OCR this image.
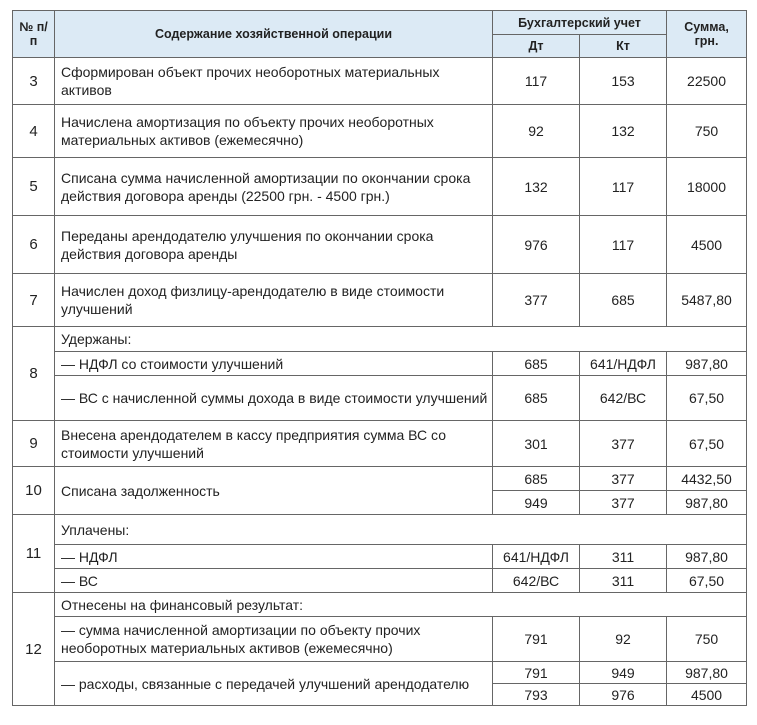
№ п/п	Содержание хозяйственной операции	Бухгалтерский учет		Сумма, грн.
		Дт	Кт	
3	Сформирован объект прочих необоротных материальных активов	117	153	22500
4	Начислена амортизация по объекту прочих необоротных материальных активов (ежемесячно)	92	132	750
5	Списана сумма начисленной амортизации по окончании срока действия договора аренды (22500 грн. - 4500 грн.)	132	117	18000
6	Переданы арендодателю улучшения по окончании срока действия договора аренды	976	117	4500
7	Начислен доход физлицу-арендодателю в виде стоимости улучшений	377	685	5487,80
8	Удержаны:			
	— НДФЛ со стоимости улучшений	685	641/НДФЛ	987,80
	— ВС с начисленной суммы дохода в виде стоимости улучшений	685	642/ВС	67,50
9	Внесена арендодателем в кассу предприятия сумма ВС со стоимости улучшений	301	377	67,50
10	Списана задолженность	685	377	4432,50
		949	377	987,80
11	Уплачены:			
	— НДФЛ	641/НДФЛ	311	987,80
	— ВС	642/ВС	311	67,50
12	Отнесены на финансовый результат:			
	— сумма начисленной амортизации по объекту прочих необоротных материальных активов (ежемесячно)	791	92	750
	— расходы, связанные с передачей улучшений арендодателю	791	949	987,80
		793	976	4500
